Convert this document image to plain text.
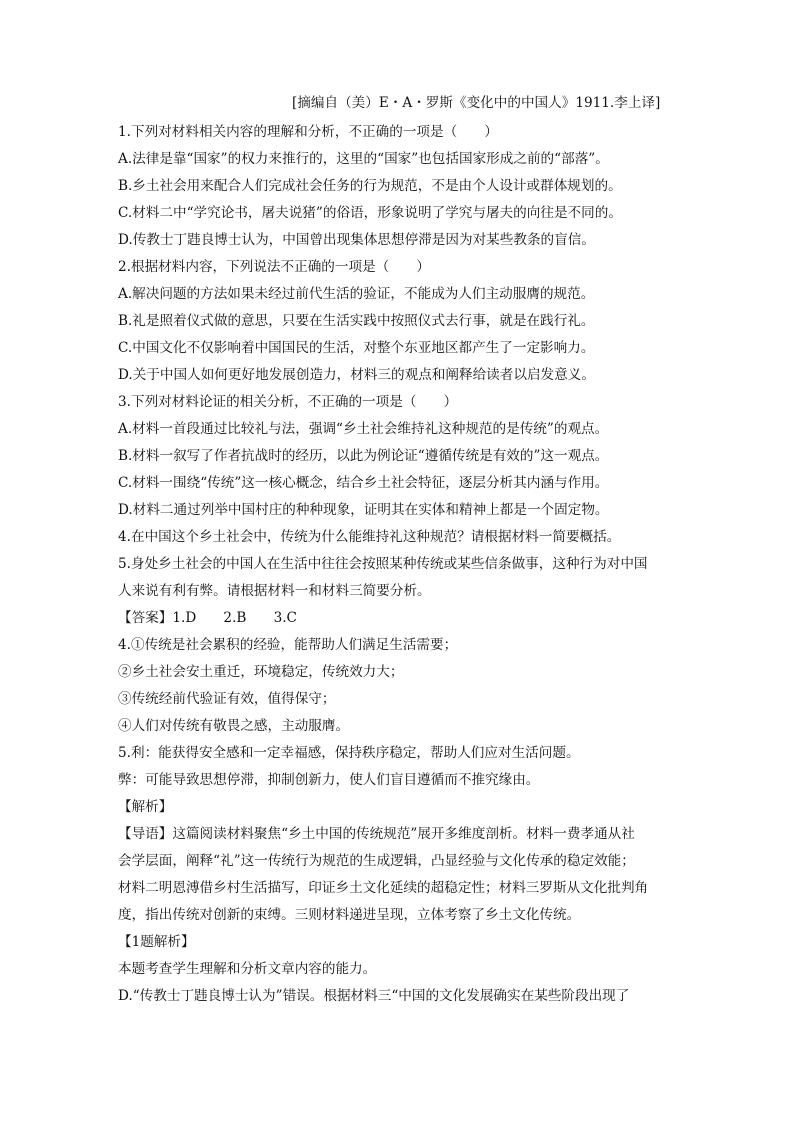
[摘编自（美）E・A・罗斯《变化中的中国人》1911.李上译]
1.下列对材料相关内容的理解和分析，不正确的一项是（　　）
A.法律是靠“国家”的权力来推行的，这里的“国家”也包括国家形成之前的“部落”。
B.乡土社会用来配合人们完成社会任务的行为规范，不是由个人设计或群体规划的。
C.材料二中“学究论书，屠夫说猪”的俗语，形象说明了学究与屠夫的向往是不同的。
D.传教士丁韪良博士认为，中国曾出现集体思想停滞是因为对某些教条的盲信。
2.根据材料内容，下列说法不正确的一项是（　　）
A.解决问题的方法如果未经过前代生活的验证，不能成为人们主动服膺的规范。
B.礼是照着仪式做的意思，只要在生活实践中按照仪式去行事，就是在践行礼。
C.中国文化不仅影响着中国国民的生活，对整个东亚地区都产生了一定影响力。
D.关于中国人如何更好地发展创造力，材料三的观点和阐释给读者以启发意义。
3.下列对材料论证的相关分析，不正确的一项是（　　）
A.材料一首段通过比较礼与法，强调“乡土社会维持礼这种规范的是传统”的观点。
B.材料一叙写了作者抗战时的经历，以此为例论证“遵循传统是有效的”这一观点。
C.材料一围绕“传统”这一核心概念，结合乡土社会特征，逐层分析其内涵与作用。
D.材料二通过列举中国村庄的种种现象，证明其在实体和精神上都是一个固定物。
4.在中国这个乡土社会中，传统为什么能维持礼这种规范？请根据材料一简要概括。
5.身处乡土社会的中国人在生活中往往会按照某种传统或某些信条做事，这种行为对中国
人来说有利有弊。请根据材料一和材料三简要分析。
【答案】1.D　　2.B　　3.C
4.①传统是社会累积的经验，能帮助人们满足生活需要；
②乡土社会安土重迁，环境稳定，传统效力大；
③传统经前代验证有效，值得保守；
④人们对传统有敬畏之感，主动服膺。
5.利：能获得安全感和一定幸福感，保持秩序稳定，帮助人们应对生活问题。
弊：可能导致思想停滞，抑制创新力，使人们盲目遵循而不推究缘由。
【解析】
【导语】这篇阅读材料聚焦“乡土中国的传统规范”展开多维度剖析。材料一费孝通从社
会学层面，阐释“礼”这一传统行为规范的生成逻辑，凸显经验与文化传承的稳定效能；
材料二明恩溥借乡村生活描写，印证乡土文化延续的超稳定性；材料三罗斯从文化批判角
度，指出传统对创新的束缚。三则材料递进呈现，立体考察了乡土文化传统。
【1题解析】
本题考查学生理解和分析文章内容的能力。
D.“传教士丁韪良博士认为”错误。根据材料三“中国的文化发展确实在某些阶段出现了
